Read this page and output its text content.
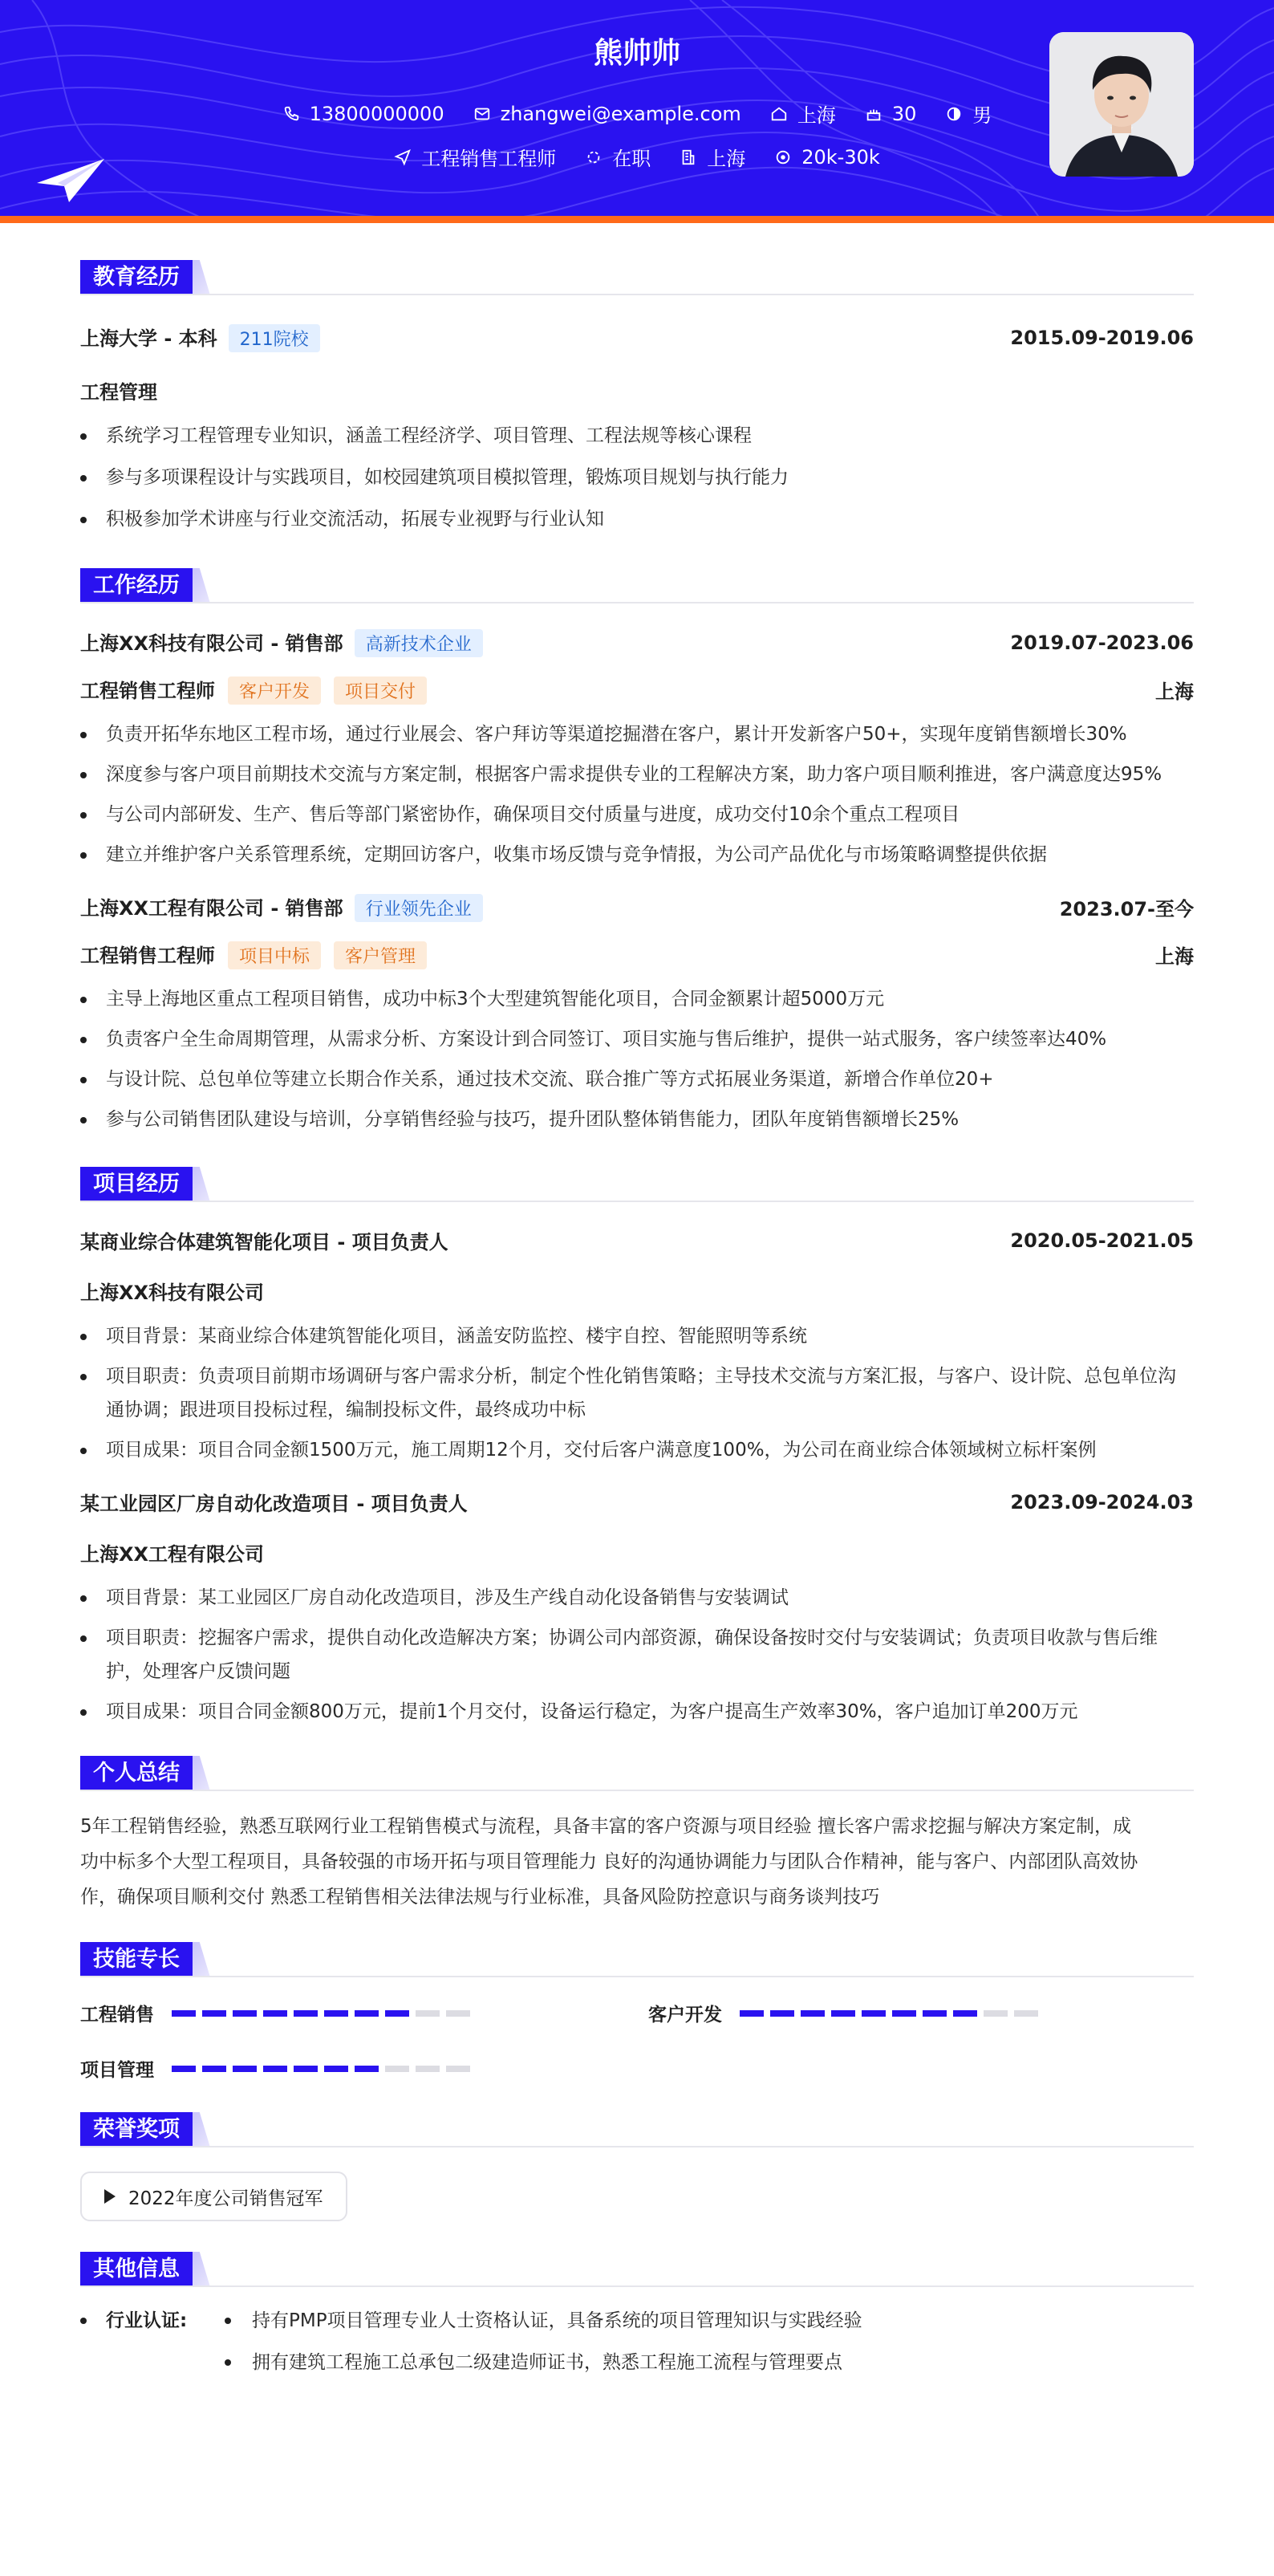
熊帅帅
13800000000	zhangwei@example.com	上海	30	男
工程销售工程师	在职	上海	20k-30k
教育经历
上海大学 - 本科 211院校	2015.09-2019.06
工程管理
系统学习工程管理专业知识，涵盖工程经济学、项目管理、工程法规等核心课程
参与多项课程设计与实践项目，如校园建筑项目模拟管理，锻炼项目规划与执行能力
积极参加学术讲座与行业交流活动，拓展专业视野与行业认知
工作经历
上海XX科技有限公司 - 销售部 高新技术企业	2019.07-2023.06
工程销售工程师 客户开发 项目交付	上海
负责开拓华东地区工程市场，通过行业展会、客户拜访等渠道挖掘潜在客户，累计开发新客户50+，实现年度销售额增长30%
深度参与客户项目前期技术交流与方案定制，根据客户需求提供专业的工程解决方案，助力客户项目顺利推进，客户满意度达95%
与公司内部研发、生产、售后等部门紧密协作，确保项目交付质量与进度，成功交付10余个重点工程项目
建立并维护客户关系管理系统，定期回访客户，收集市场反馈与竞争情报，为公司产品优化与市场策略调整提供依据
上海XX工程有限公司 - 销售部 行业领先企业	2023.07-至今
工程销售工程师 项目中标 客户管理	上海
主导上海地区重点工程项目销售，成功中标3个大型建筑智能化项目，合同金额累计超5000万元
负责客户全生命周期管理，从需求分析、方案设计到合同签订、项目实施与售后维护，提供一站式服务，客户续签率达40%
与设计院、总包单位等建立长期合作关系，通过技术交流、联合推广等方式拓展业务渠道，新增合作单位20+
参与公司销售团队建设与培训，分享销售经验与技巧，提升团队整体销售能力，团队年度销售额增长25%
项目经历
某商业综合体建筑智能化项目 - 项目负责人	2020.05-2021.05
上海XX科技有限公司
项目背景：某商业综合体建筑智能化项目，涵盖安防监控、楼宇自控、智能照明等系统
项目职责：负责项目前期市场调研与客户需求分析，制定个性化销售策略；主导技术交流与方案汇报，与客户、设计院、总包单位沟通协调；跟进项目投标过程，编制投标文件，最终成功中标
项目成果：项目合同金额1500万元，施工周期12个月，交付后客户满意度100%，为公司在商业综合体领域树立标杆案例
某工业园区厂房自动化改造项目 - 项目负责人	2023.09-2024.03
上海XX工程有限公司
项目背景：某工业园区厂房自动化改造项目，涉及生产线自动化设备销售与安装调试
项目职责：挖掘客户需求，提供自动化改造解决方案；协调公司内部资源，确保设备按时交付与安装调试；负责项目收款与售后维护，处理客户反馈问题
项目成果：项目合同金额800万元，提前1个月交付，设备运行稳定，为客户提高生产效率30%，客户追加订单200万元
个人总结
5年工程销售经验，熟悉互联网行业工程销售模式与流程，具备丰富的客户资源与项目经验 擅长客户需求挖掘与解决方案定制，成
功中标多个大型工程项目，具备较强的市场开拓与项目管理能力 良好的沟通协调能力与团队合作精神，能与客户、内部团队高效协
作，确保项目顺利交付 熟悉工程销售相关法律法规与行业标准，具备风险防控意识与商务谈判技巧
技能专长
工程销售	客户开发
项目管理
荣誉奖项
2022年度公司销售冠军
其他信息
行业认证:	持有PMP项目管理专业人士资格认证，具备系统的项目管理知识与实践经验
拥有建筑工程施工总承包二级建造师证书，熟悉工程施工流程与管理要点
